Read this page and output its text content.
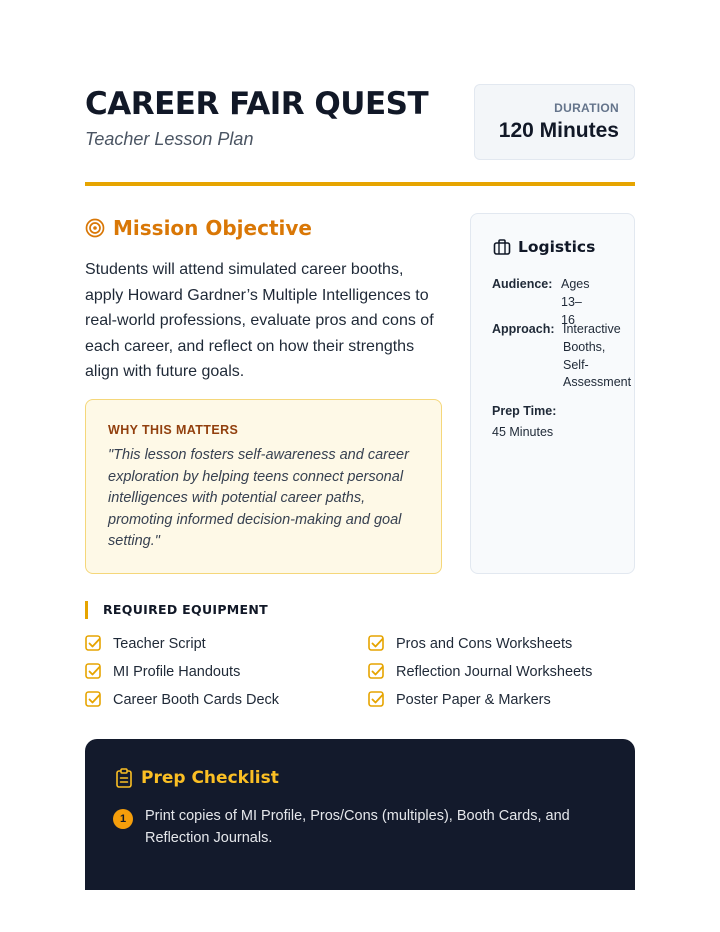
CAREER FAIR QUEST
Teacher Lesson Plan
DURATION
120 Minutes
Mission Objective
Students will attend simulated career booths, apply Howard Gardner’s Multiple Intelligences to real-world professions, evaluate pros and cons of each career, and reflect on how their strengths align with future goals.
WHY THIS MATTERS
"This lesson fosters self-awareness and career exploration by helping teens connect personal intelligences with potential career paths, promoting informed decision-making and goal setting."
Logistics
Audience: Ages
13–16
Approach: Interactive
Booths,
Self-
Assessment
Prep Time:
45 Minutes
REQUIRED EQUIPMENT
Teacher Script
MI Profile Handouts
Career Booth Cards Deck
Pros and Cons Worksheets
Reflection Journal Worksheets
Poster Paper & Markers
Prep Checklist
1	Print copies of MI Profile, Pros/Cons (multiples), Booth Cards, and Reflection Journals.
